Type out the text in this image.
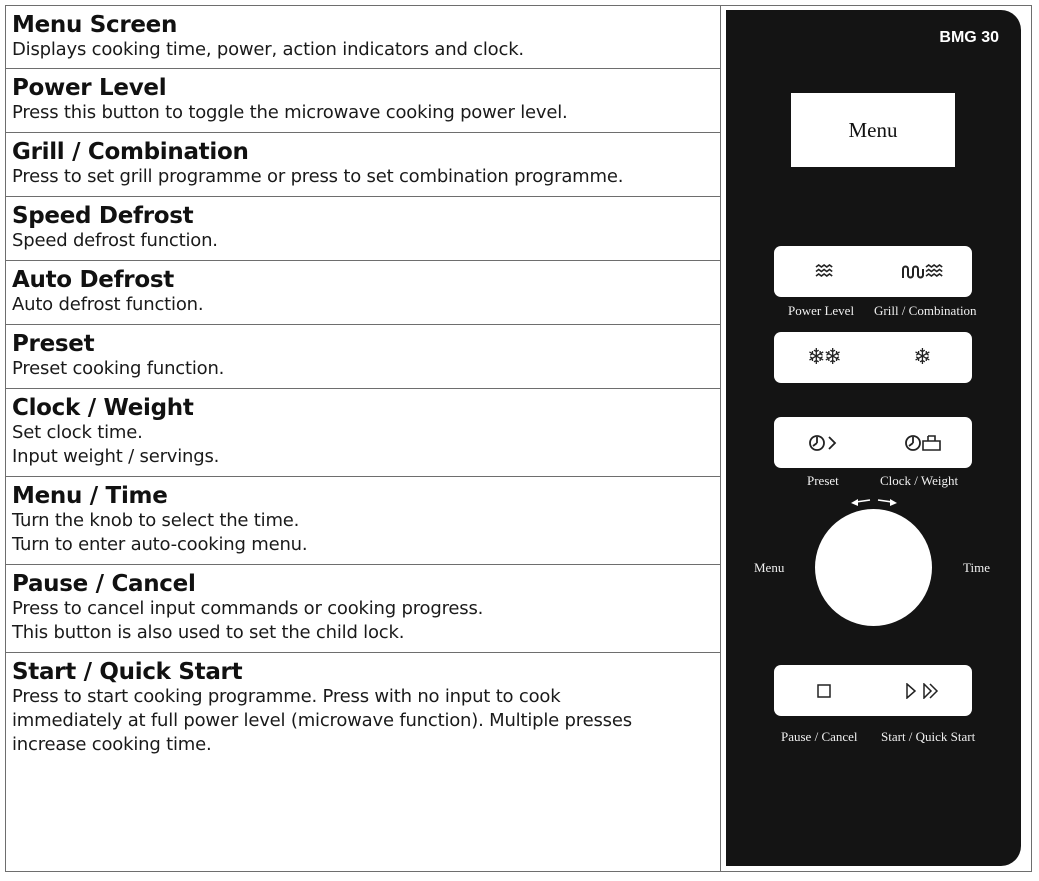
Menu Screen
Displays cooking time, power, action indicators and clock.
Power Level
Press this button to toggle the microwave cooking power level.
Grill / Combination
Press to set grill programme or press to set combination programme.
Speed Defrost
Speed defrost function.
Auto Defrost
Auto defrost function.
Preset
Preset cooking function.
Clock / Weight
Set clock time.
Input weight / servings.
Menu / Time
Turn the knob to select the time.
Turn to enter auto-cooking menu.
Pause / Cancel
Press to cancel input commands or cooking progress.
This button is also used to set the child lock.
Start / Quick Start
Press to start cooking programme. Press with no input to cook
immediately at full power level (microwave function). Multiple presses
increase cooking time.
BMG 30
Menu
Power Level Grill / Combination
❄❄	❄
Preset	Clock / Weight
Menu	Time
Pause / Cancel Start / Quick Start
